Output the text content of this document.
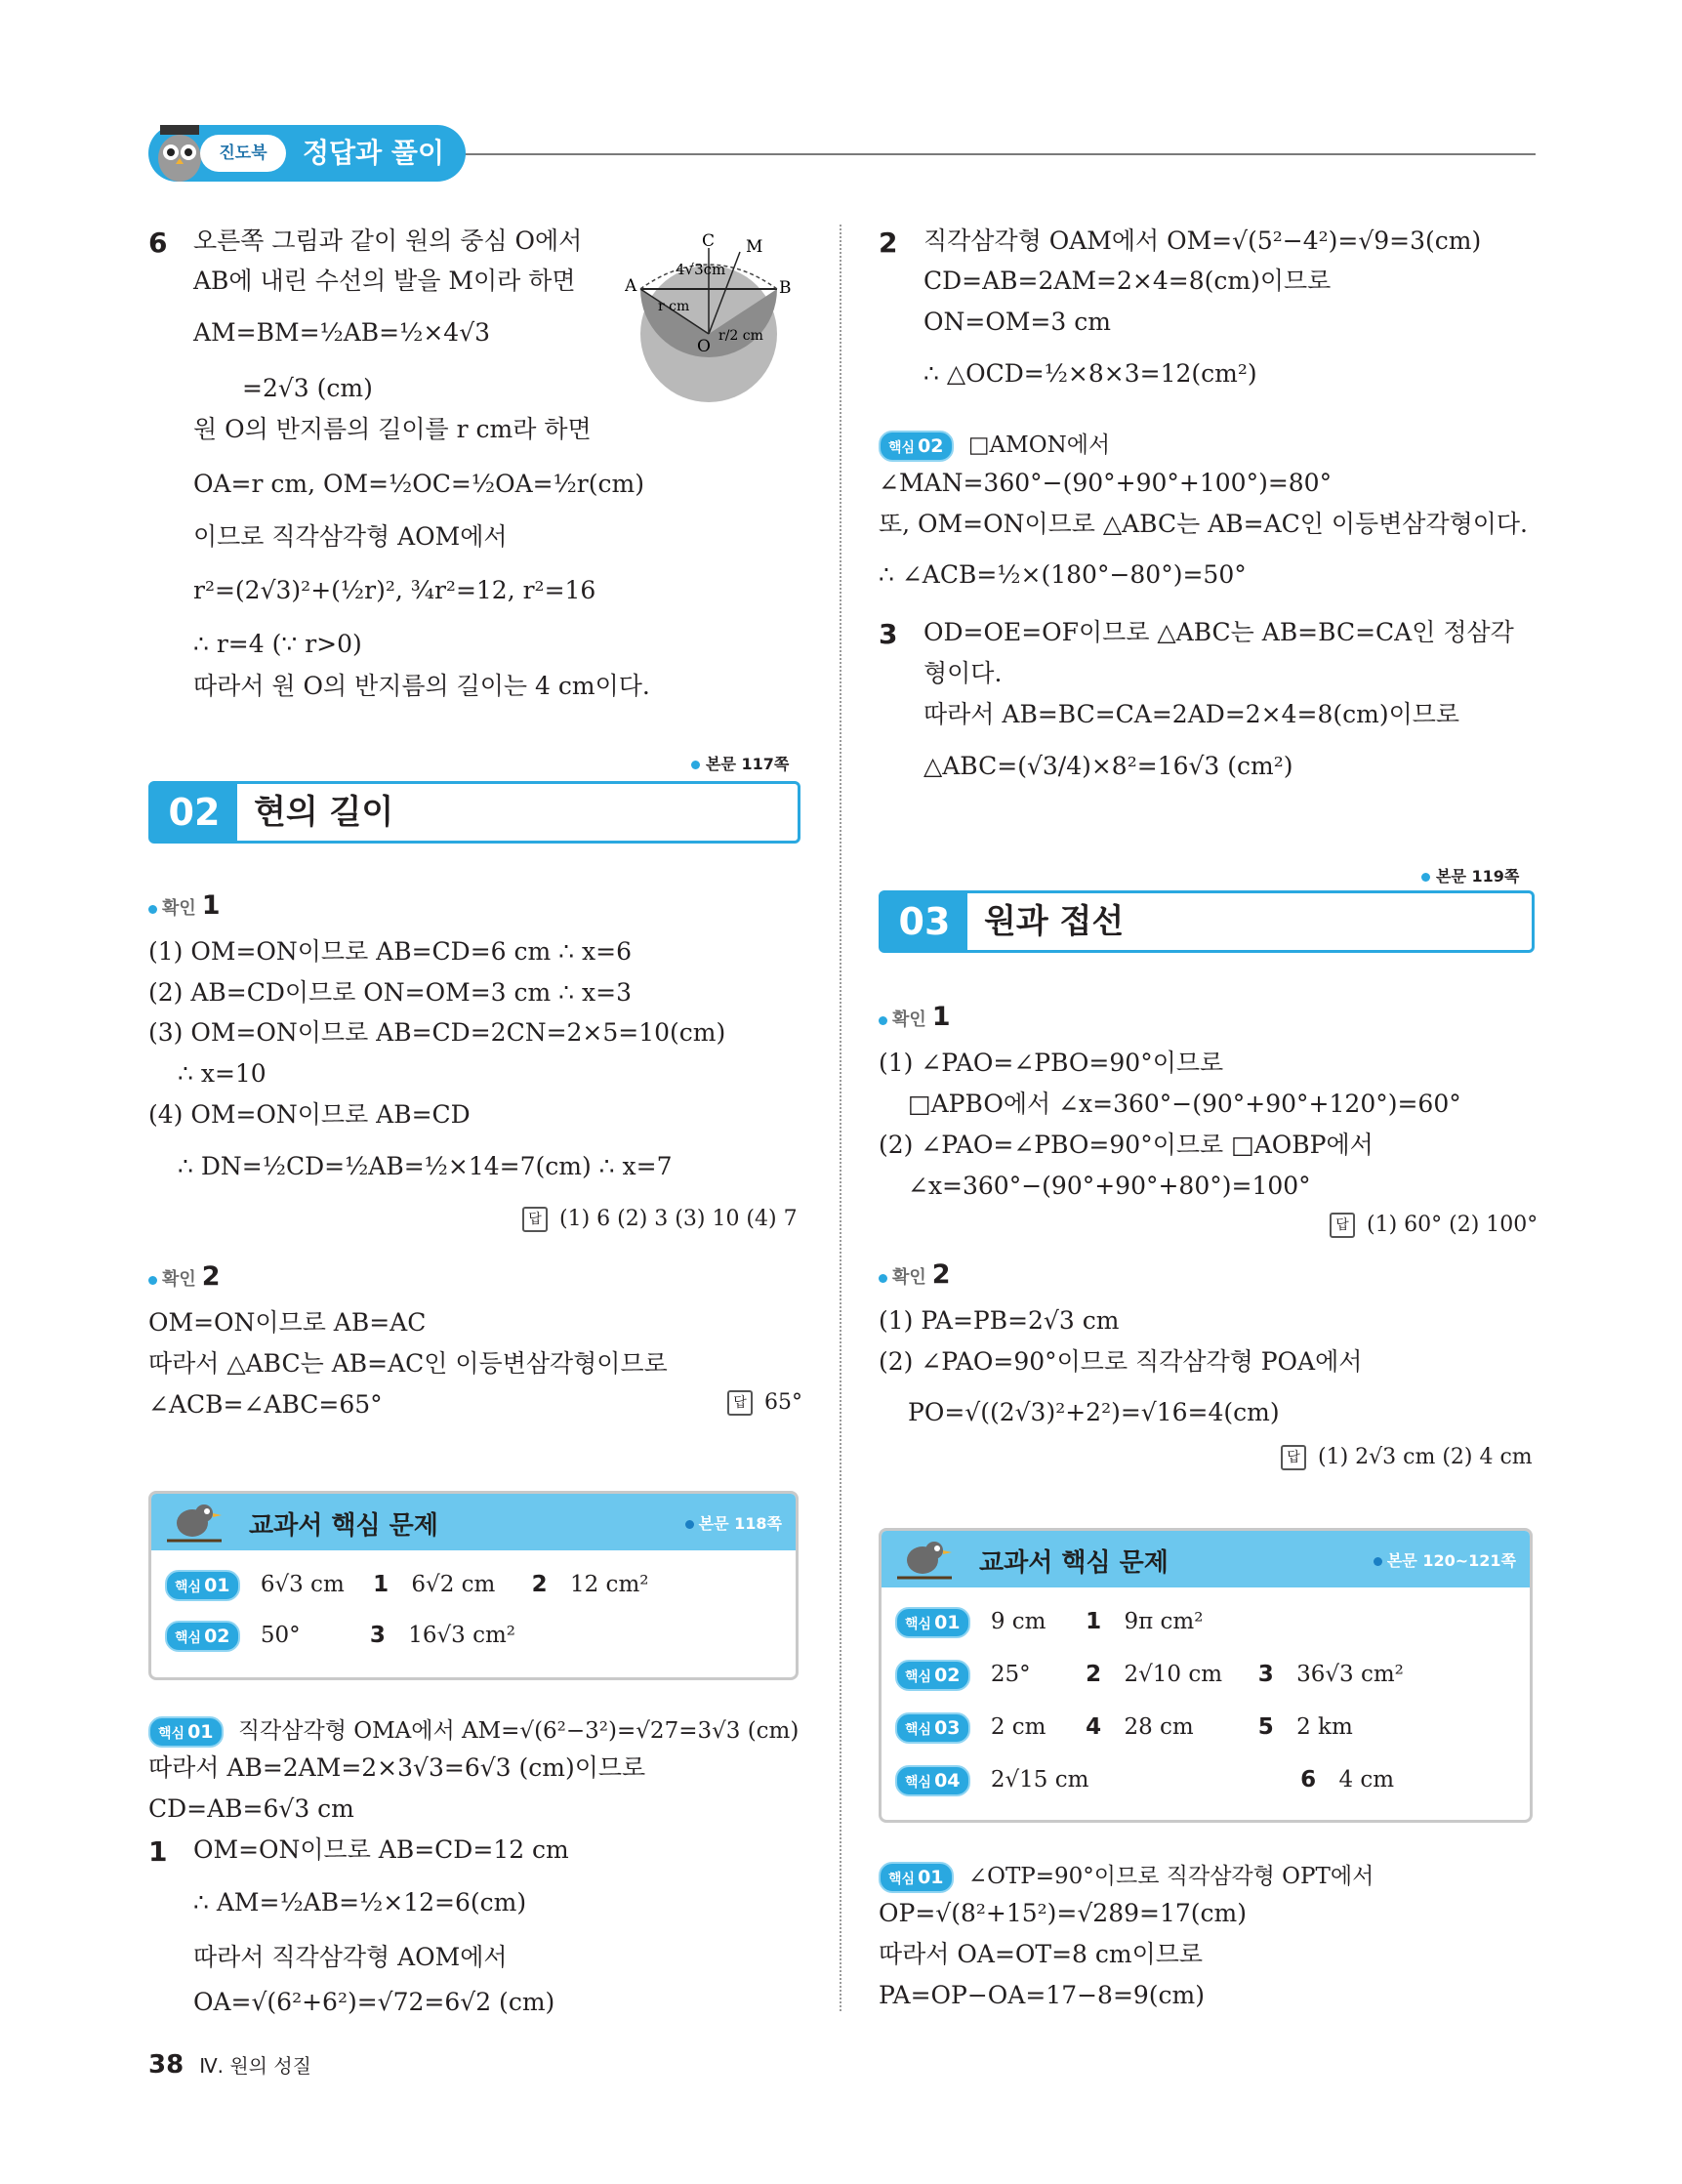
진도북	정답과 풀이
6 오른쪽 그림과 같이 원의 중심 O에서
AB에 내린 수선의 발을 M이라 하면
AM=BM=½AB=½×4√3
=2√3 (cm)
원 O의 반지름의 길이를 r cm라 하면
OA=r cm, OM=½OC=½OA=½r(cm)
이므로 직각삼각형 AOM에서
r²=(2√3)²+(½r)², ¾r²=12, r²=16
∴ r=4 (∵ r>0)
따라서 원 O의 반지름의 길이는 4 cm이다.
C M
A	B
O
4√3cm
r cm
r/2 cm
본문 117쪽
02	현의 길이
확인 1
(1) OM=ON이므로 AB=CD=6 cm ∴ x=6
(2) AB=CD이므로 ON=OM=3 cm ∴ x=3
(3) OM=ON이므로 AB=CD=2CN=2×5=10(cm)
∴ x=10
(4) OM=ON이므로 AB=CD
∴ DN=½CD=½AB=½×14=7(cm) ∴ x=7
답 (1) 6 (2) 3 (3) 10 (4) 7
확인 2
OM=ON이므로 AB=AC
따라서 △ABC는 AB=AC인 이등변삼각형이므로
∠ACB=∠ABC=65°	답 65°
교과서 핵심 문제	본문 118쪽
핵심 01 6√3 cm 1 6√2 cm 2 12 cm²
핵심 02 50°	3 16√3 cm²
핵심 01 직각삼각형 OMA에서 AM=√(6²−3²)=√27=3√3 (cm)
따라서 AB=2AM=2×3√3=6√3 (cm)이므로
CD=AB=6√3 cm
1 OM=ON이므로 AB=CD=12 cm
∴ AM=½AB=½×12=6(cm)
따라서 직각삼각형 AOM에서
OA=√(6²+6²)=√72=6√2 (cm)
2 직각삼각형 OAM에서 OM=√(5²−4²)=√9=3(cm)
CD=AB=2AM=2×4=8(cm)이므로
ON=OM=3 cm
∴ △OCD=½×8×3=12(cm²)
핵심 02 □AMON에서
∠MAN=360°−(90°+90°+100°)=80°
또, OM=ON이므로 △ABC는 AB=AC인 이등변삼각형이다.
∴ ∠ACB=½×(180°−80°)=50°
3 OD=OE=OF이므로 △ABC는 AB=BC=CA인 정삼각
형이다.
따라서 AB=BC=CA=2AD=2×4=8(cm)이므로
△ABC=(√3/4)×8²=16√3 (cm²)
본문 119쪽
03	원과 접선
확인 1
(1) ∠PAO=∠PBO=90°이므로
□APBO에서 ∠x=360°−(90°+90°+120°)=60°
(2) ∠PAO=∠PBO=90°이므로 □AOBP에서
∠x=360°−(90°+90°+80°)=100°
답 (1) 60° (2) 100°
확인 2
(1) PA=PB=2√3 cm
(2) ∠PAO=90°이므로 직각삼각형 POA에서
PO=√((2√3)²+2²)=√16=4(cm)
답 (1) 2√3 cm (2) 4 cm
교과서 핵심 문제	본문 120~121쪽
핵심 01 9 cm 1 9π cm²
핵심 02 25° 2 2√10 cm 3 36√3 cm²
핵심 03 2 cm 4 28 cm	5 2 km
핵심 04 2√15 cm	6 4 cm
핵심 01 ∠OTP=90°이므로 직각삼각형 OPT에서
OP=√(8²+15²)=√289=17(cm)
따라서 OA=OT=8 cm이므로
PA=OP−OA=17−8=9(cm)
38 Ⅳ. 원의 성질
